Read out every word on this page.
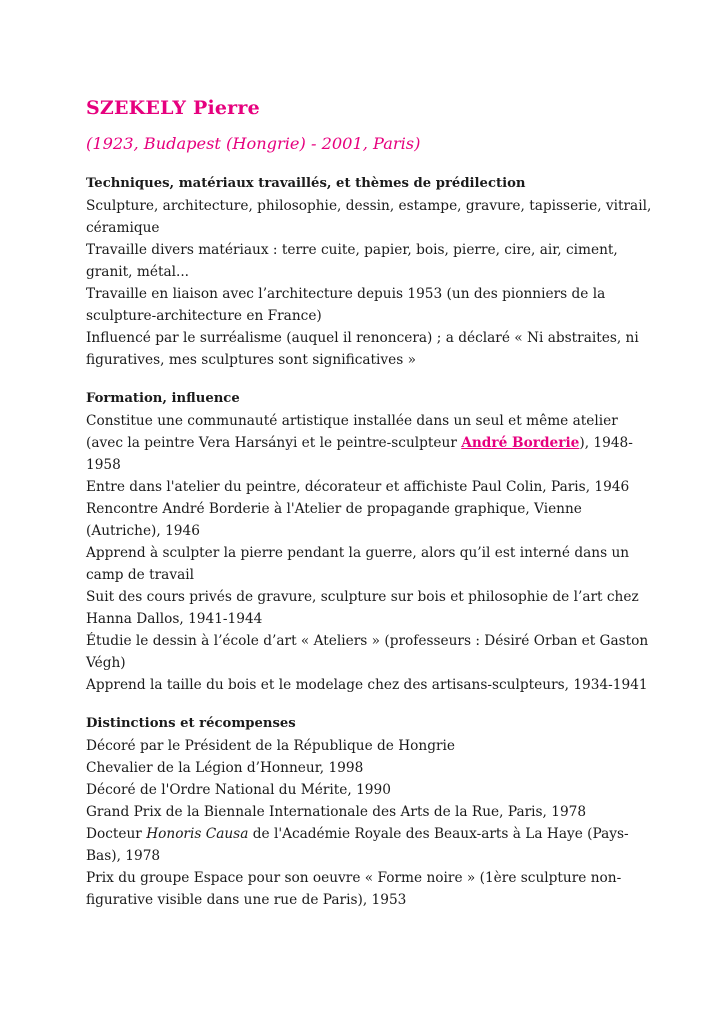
SZEKELY Pierre

(1923, Budapest (Hongrie) - 2001, Paris)

Techniques, matériaux travaillés, et thèmes de prédilection

Sculpture, architecture, philosophie, dessin, estampe, gravure, tapisserie, vitrail,

céramique

Travaille divers matériaux : terre cuite, papier, bois, pierre, cire, air, ciment,

granit, métal...

Travaille en liaison avec l’architecture depuis 1953 (un des pionniers de la

sculpture-architecture en France)

Influencé par le surréalisme (auquel il renoncera) ; a déclaré « Ni abstraites, ni

figuratives, mes sculptures sont significatives »

Formation, influence

Constitue une communauté artistique installée dans un seul et même atelier

(avec la peintre Vera Harsányi et le peintre-sculpteur André Borderie), 1948-

1958

Entre dans l'atelier du peintre, décorateur et affichiste Paul Colin, Paris, 1946

Rencontre André Borderie à l'Atelier de propagande graphique, Vienne

(Autriche), 1946

Apprend à sculpter la pierre pendant la guerre, alors qu’il est interné dans un

camp de travail

Suit des cours privés de gravure, sculpture sur bois et philosophie de l’art chez

Hanna Dallos, 1941-1944

Étudie le dessin à l’école d’art « Ateliers » (professeurs : Désiré Orban et Gaston

Végh)

Apprend la taille du bois et le modelage chez des artisans-sculpteurs, 1934-1941

Distinctions et récompenses

Décoré par le Président de la République de Hongrie

Chevalier de la Légion d’Honneur, 1998

Décoré de l'Ordre National du Mérite, 1990

Grand Prix de la Biennale Internationale des Arts de la Rue, Paris, 1978

Docteur Honoris Causa de l'Académie Royale des Beaux-arts à La Haye (Pays-

Bas), 1978

Prix du groupe Espace pour son oeuvre « Forme noire » (1ère sculpture non-

figurative visible dans une rue de Paris), 1953
